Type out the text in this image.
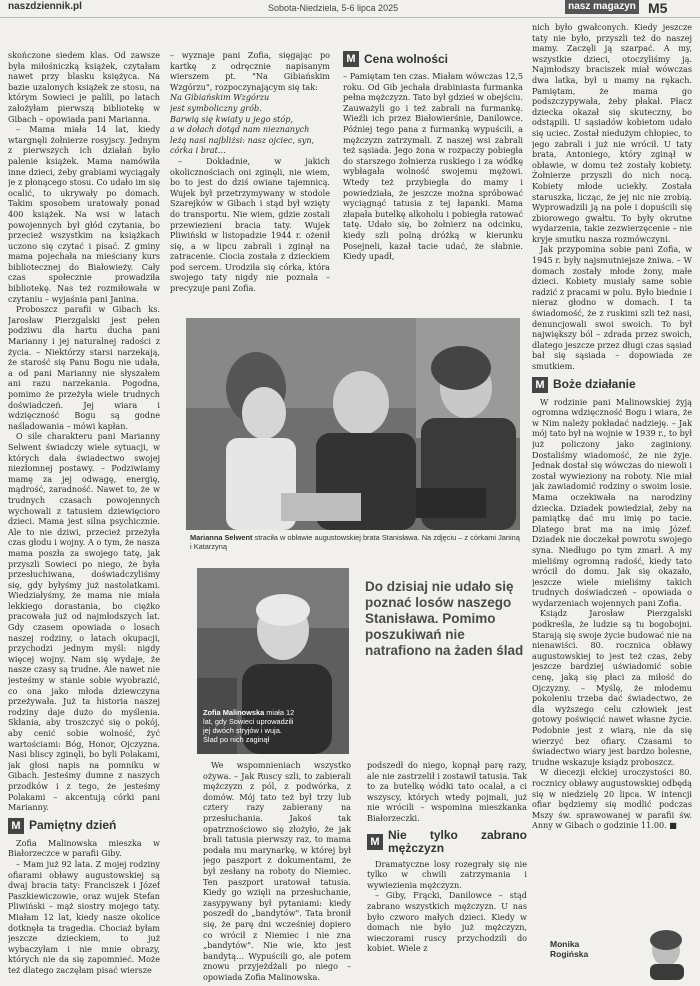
naszdziennik.pl	Sobota-Niedziela, 5-6 lipca 2025	nasz magazyn M5

skończone siedem klas. Od zawsze była miłośniczką książek, czytałam nawet przy blasku księżyca. Na bazie uzalonych książek ze stosu, na którym Sowieci je palili, po latach założyłam pierwszą bibliotekę w Gibach – opowiada pani Marianna.

– Mama miała 14 lat, kiedy wtargnęli żołnierze rosyjscy. Jednym z pierwszych ich działań było palenie książek. Mama namówiła inne dzieci, żeby grabiami wyciągały je z płonącego stosu. Co udało im się ocalić, to ukrywały po domach. Takim sposobem uratowały ponad 400 książek. Na wsi w latach powojennych był głód czytania, bo przecież wszystkim na książkach uczono się czytać i pisać. Z gminy mama pojechała na mieściany kurs bibliotecznej do Białowieży. Cały czas społecznie prowadziła bibliotekę. Nas też rozmiłowała w czytaniu – wyjaśnia pani Janina.

Proboszcz parafii w Gibach ks. Jarosław Pierzgalski jest pełen podziwu dla hartu ducha pani Marianny i jej naturalnej radości z życia. – Niektórzy starsi narzekają, że starość się Panu Bogu nie udała, a od pani Marianny nie słyszałem ani razu narzekania. Pogodna, pomimo że przeżyła wiele trudnych doświadczeń. Jej wiara i wdzięczność Bogu są godne naśladowania – mówi kapłan.

O sile charakteru pani Marianny Selwent świadczy wiele sytuacji, w których dała świadectwo swojej niezłomnej postawy. – Podziwiamy mamę za jej odwagę, energię, mądrość, zaradność. Nawet to, że w trudnych czasach powojennych wychowali z tatusiem dziewięciorо dzieci. Mama jest silna psychicznie. Ale to nie dziwi, przecież przeżyła czas głodu i wojny. A o tym, że nasza mama poszła za swojego tatę, jak przyszli Sowieci po niego, że była przesłuchiwana, doświadczyliśmy się, gdy byłyśmy już nastolatkami. Wiedziałyśmy, że mama nie miała lekkiego dorastania, bo ciężko pracowała już od najmłodszych lat. Gdy czasem opowiada o losach naszej rodziny, o latach okupacji, przychodzi jednym myśl: nigdy więcej wojny. Nam się wydaje, że nasze czasy są trudne. Ale nawet nie jesteśmy w stanie sobie wyobrazić, co ona jako młoda dziewczyna przeżywała. Już ta historia naszej rodziny daje dużo do myślenia. Skłania, aby troszczyć się o pokój, aby cenić sobie wolność, żyć wartościami: Bóg, Honor, Ojczyzna. Nasi bliscy zginęli, bo byli Polakami, jak głosi napis na pomniku w Gibach. Jesteśmy dumne z naszych przodków i z tego, że jesteśmy Polakami – akcentują córki pani Marianny.

M Pamiętny dzień

Zofia Malinowska mieszka w Białorzeczce w parafii Giby.

– Mam już 92 lata. Z mojej rodziny ofiarami obławy augustowskiej są dwaj bracia taty: Franciszek i Józef Paszkiewiczowie, oraz wujek Stefan Pliwiński – mąż siostry mojego taty. Miałam 12 lat, kiedy nasze okolice dotknęła ta tragedia. Chociaż byłam jeszcze dzieckiem, to już wybaczyłam i nie mnie obrazy, których nie da się zapomnieć. Może też dlatego zaczęłam pisać wiersze

– wyznaje pani Zofia, sięgając po kartkę z odręcznie napisanym wierszem pt. "Na Gibiańskim Wzgórzu", rozpoczynającym się tak:

Na Gibiańskim Wzgórzu

jest symboliczny grób.

Barwią się kwiaty u jego stóp,

a w dołach dotąd nam nieznanych

leżą nasi najbliżsi: nasz ojciec, syn,

córka i brat…

– Dokładnie, w jakich okolicznościach oni zginęli, nie wiem, bo to jest do dziś owiane tajemnicą. Wujek był przetrzymywany w stodole Szarejków w Gibach i stąd był wzięty do transportu. Nie wiem, gdzie zostali przewiezieni bracia taty. Wujek Pliwiński w listopadzie 1944 r. ożenił się, a w lipcu zabrali i zginął na zatracenie. Ciocia została z dzieckiem pod sercem. Urodziła się córka, która swojego taty nigdy nie poznała – precyzuje pani Zofia.

M Cena wolności

– Pamiętam ten czas. Miałam wówczas 12,5 roku. Od Gib jechała drabiniasta furmanka pełna mężczyzn. Tato był gdzieś w obejściu. Zauważyli go i też zabrali na furmankę. Wieźli ich przez Białowierśnie, Danilowce. Później tego pana z furmanką wypuścili, a mężczyzn zatrzymali. Z naszej wsi zabrali też sąsiada. Jego żona w rozpaczy pobiegła do starszego żołnierza ruskiego i za wódkę wybłagała wolność swojemu mężowi. Wtedy też przybiegła do mamy i powiedziała, że jeszcze można spróbować wyciągnąć tatusia z tej łapanki. Mama złapała butelkę alkoholu i pobiegła ratować tatę. Udało się, bo żołnierz na odcinku, kiedy szli polną dróżką w kierunku Posejneli, kazał tacie udać, że słabnie. Kiedy upadł,

nich było gwałconych. Kiedy jeszcze taty nie było, przyszli też do naszej mamy. Zaczęli ją szarpać. A my, wszystkie dzieci, otoczyliśmy ją. Najmłodszy braciszek miał wówczas dwa latka, był u mamy na rękach. Pamiętam, że mama go podszczypywała, żeby płakał. Płacz dziecka okazał się skuteczny, bo odstąpili. U sąsiadów kobietom udało się uciec. Został niedużym chłopiec, to jego zabrali i już nie wrócił. U taty brata, Antoniego, który zginął w obławie, w domu też zostały kobiety. Żołnierze przyszli do nich nocą. Kobiety młode uciekły. Została staruszka, licząc, że jej nic nie zrobią. Wyprowadzili ją na pole i dopuścili się zbiorowego gwałtu. To były okrutne wydarzenia, takie zezwierzęcenie – nie kryje smutku nasza rozmówczyni.

Jak przypomina sobie pani Zofia, w 1945 r. były najsmutniejsze żniwa. – W domach zostały młode żony, małe dzieci. Kobiety musiały same sobie radzić z pracami w polu. Było biednie i nieraz głodno w domach. I ta świadomość, że z ruskimi szli też nasi, denuncjowali swoi swoich. To był największy ból – zdrada przez swoich, dlatego jeszcze przez długi czas sąsiad bał się sąsiada – dopowiada ze smutkiem.

M Boże działanie

W rodzinie pani Malinowskiej żyją ogromna wdzięczność Bogu i wiara, że w Nim należy pokładać nadzieję. – Jak mój tato był na wojnie w 1939 r., to był już policzony jako zaginiony. Dostaliśmy wiadomość, że nie żyje. Jednak dostał się wówczas do niewoli i został wywieziony na roboty. Nie miał jak zawiadomić rodziny o swoim losie. Mama oczekiwała na narodziny dziecka. Dziadek powiedział, żeby na pamiątkę dać mu imię po tacie. Dlatego brat ma na imię Józef. Dziadek nie doczekał powrotu swojego syna. Niedługo po tym zmarł. A my mieliśmy ogromną radość, kiedy tato wrócił do domu. Jak się okazało, jeszcze wiele mieliśmy takich trudnych doświadczeń – opowiada o wydarzeniach wojennych pani Zofia.

Ksiądz Jarosław Pierzgalski podkreśla, że ludzie są tu bogobojni. Starają się swoje życie budować nie na nienawiści. 80. rocznica obławy augustowskiej to jest też czas, żeby jeszcze bardziej uświadomić sobie cenę, jaką się płaci za miłość do Ojczyzny. – Myślę, że młodemu pokoleniu trzeba dać świadectwo, że dla wyższego celu człowiek jest gotowy poświęcić nawet własne życie. Podobnie jest z wiarą, nie da się wierzyć bez ofiary. Czasami to świadectwo wiary jest bardzo bolesne, trudne wskazuje ksiądz proboszcz.

W diecezji ełckiej uroczystości 80. rocznicy obławy augustowskiej odbędą się w niedzielę 20 lipca. W intencji ofiar będziemy się modlić podczas Mszy św. sprawowanej w parafii św. Anny w Gibach o godzinie 11.00. ■

Marianna Selwent straciła w obławie augustowskiej brata Stanisława. Na zdjęciu – z córkami Janiną i Katarzyną
Zofia Malinowska miała 12 lat, gdy Sowieci uprowadzili jej dwóch stryjów i wuja. Ślad po nich zaginął
Do dzisiaj nie udało się poznać losów naszego Stanisława. Pomimo poszukiwań nie natrafiono na żaden ślad

We wspomnieniach wszystko ożywa. – Jak Ruscy szli, to zabierali mężczyzn z pól, z podwórka, z domów. Mój tato też był trzy lub cztery razy zabierany na przesłuchania. Jakoś tak opatrznościowo się złożyło, że jak brali tatusia pierwszy raz, to mama podała mu marynarkę, w której był jego paszport z dokumentami, że był zesłany na roboty do Niemiec. Ten paszport uratował tatusia. Kiedy go wzięli na przesłuchanie, zasypywany był pytaniami: kiedy poszedł do „bandytów". Tata bronił się, że parę dni wcześniej dopiero co wrócił z Niemiec i nie zna „bandytów". Nie wie, kto jest bandytą… Wypuścili go, ale potem znowu przyjeżdżali po niego – opowiada Zofia Malinowska.

podszedł do niego, kopnął parę razy, ale nie zastrzelił i zostawił tatusia. Tak to za butelkę wódki tato ocalał, a ci wszyscy, których wtedy pojmali, już nie wrócili – wspomina mieszkanka Białorzeczki.

M Nie tylko zabrano mężczyzn

Dramatyczne losy rozegrały się nie tylko w chwili zatrzymania i wywiezienia mężczyzn.

– Giby, Frącki, Danilowce – stąd zabrano wszystkich mężczyzn. U nas było czworo małych dzieci. Kiedy w domach nie było już mężczyzn, wieczorami ruscy przychodzili do kobiet. Wiele z	Monika
Rogińska
